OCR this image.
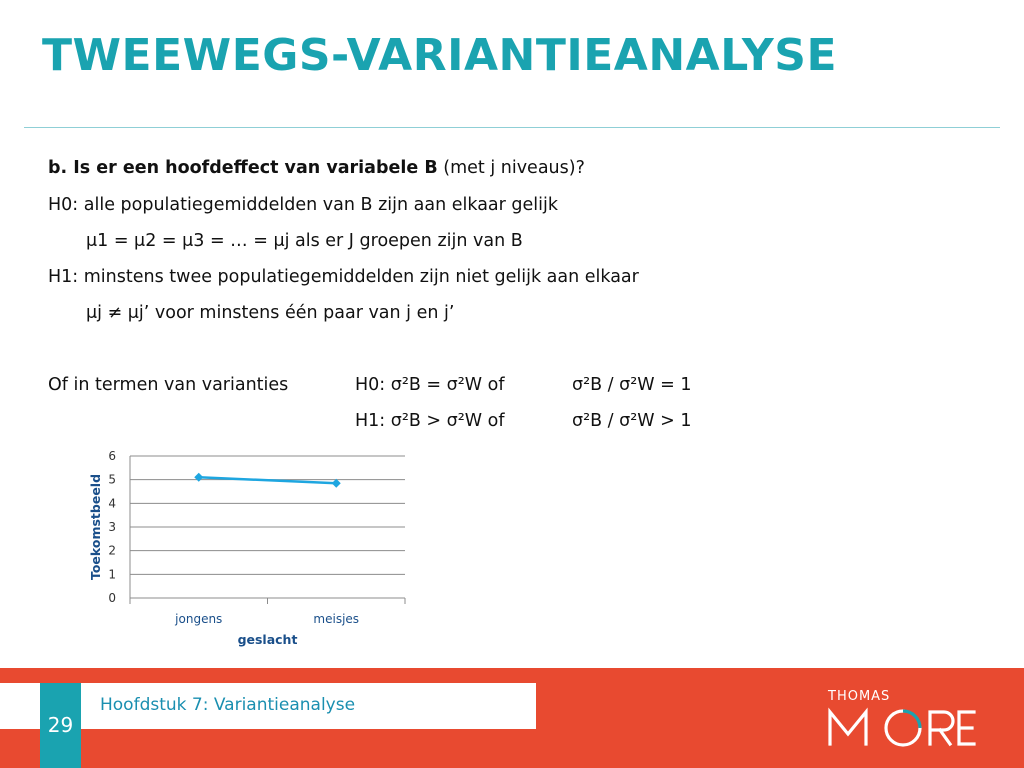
TWEEWEGS-VARIANTIEANALYSE
b. Is er een hoofdeffect van variabele B (met j niveaus)?
H0: alle populatiegemiddelden van B zijn aan elkaar gelijk
μ1 = μ2 = μ3 = … = μj als er J groepen zijn van B
H1: minstens twee populatiegemiddelden zijn niet gelijk aan elkaar
μj ≠ μj’ voor minstens één paar van j en j’
Of in termen van varianties	H0: σ²B = σ²W of	σ²B / σ²W = 1
H1: σ²B > σ²W of	σ²B / σ²W > 1
0
1
2
3
4
5
6
jongens	meisjes
geslacht
Toekomstbeeld
29
Hoofdstuk 7: Variantieanalyse	THOMAS
